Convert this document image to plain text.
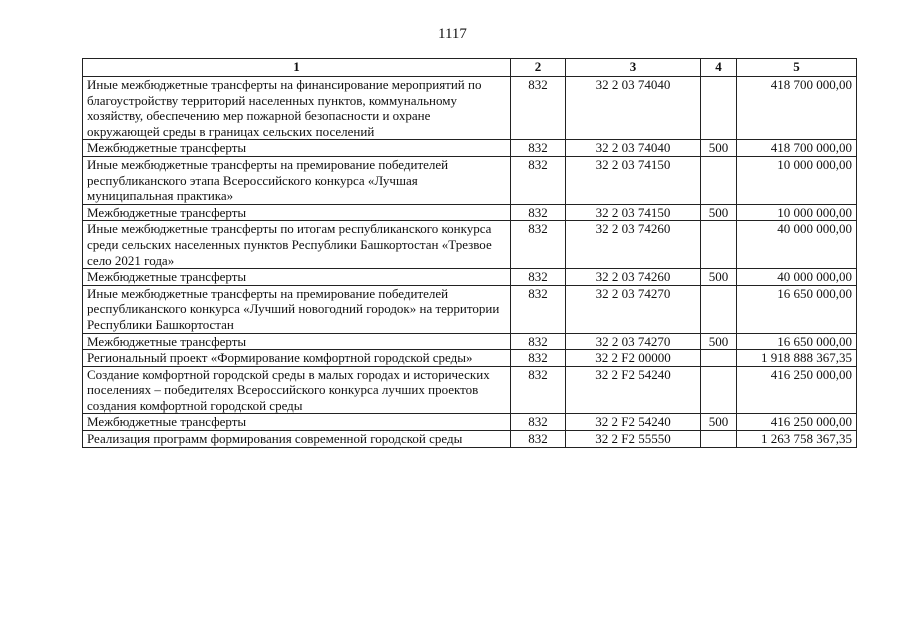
1117
1	2	3	4	5
Иные межбюджетные трансферты на финансирование мероприятий по благоустройству территорий населенных пунктов, коммунальному хозяйству, обеспечению мер пожарной безопасности и охране окружающей среды в границах сельских поселений	832	32 2 03 74040		418 700 000,00
Межбюджетные трансферты	832	32 2 03 74040	500	418 700 000,00
Иные межбюджетные трансферты на премирование победителей республиканского этапа Всероссийского конкурса «Лучшая муниципальная практика»	832	32 2 03 74150		10 000 000,00
Межбюджетные трансферты	832	32 2 03 74150	500	10 000 000,00
Иные межбюджетные трансферты по итогам республиканского конкурса среди сельских населенных пунктов Республики Башкортостан «Трезвое село 2021 года»	832	32 2 03 74260		40 000 000,00
Межбюджетные трансферты	832	32 2 03 74260	500	40 000 000,00
Иные межбюджетные трансферты на премирование победителей республиканского конкурса «Лучший новогодний городок» на территории Республики Башкортостан	832	32 2 03 74270		16 650 000,00
Межбюджетные трансферты	832	32 2 03 74270	500	16 650 000,00
Региональный проект «Формирование комфортной городской среды»	832	32 2 F2 00000		1 918 888 367,35
Создание комфортной городской среды в малых городах и исторических поселениях – победителях Всероссийского конкурса лучших проектов создания комфортной городской среды	832	32 2 F2 54240		416 250 000,00
Межбюджетные трансферты	832	32 2 F2 54240	500	416 250 000,00
Реализация программ формирования современной городской среды	832	32 2 F2 55550		1 263 758 367,35
